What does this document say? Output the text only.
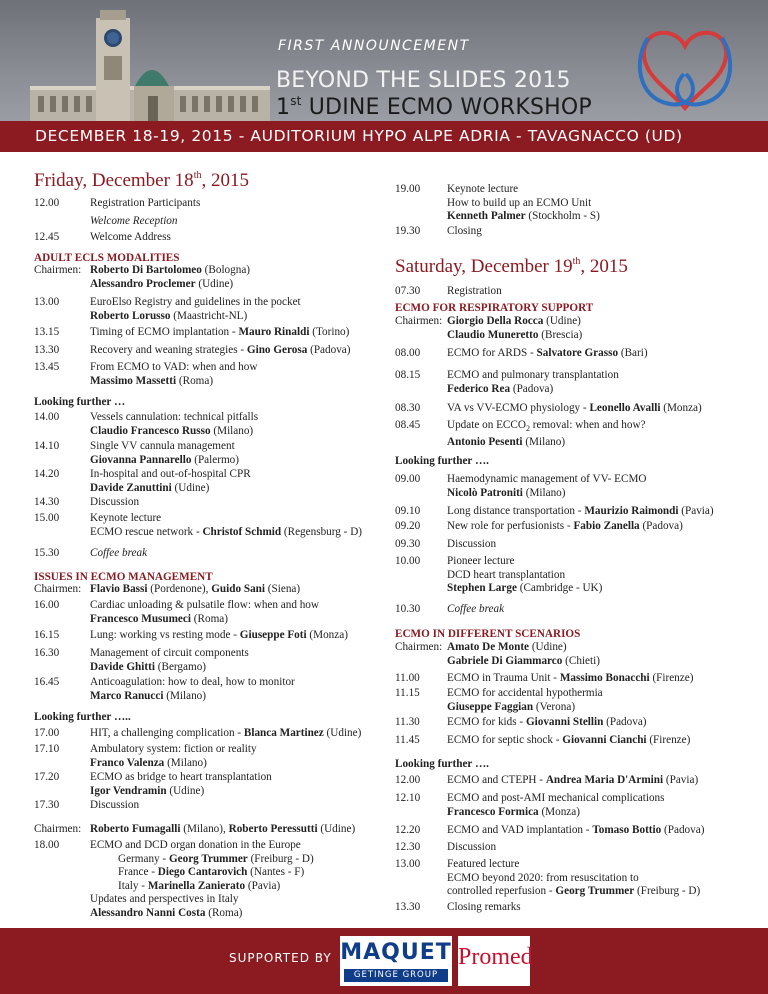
FIRST ANNOUNCEMENT
BEYOND THE SLIDES 2015
1st UDINE ECMO WORKSHOP
DECEMBER 18-19, 2015 - AUDITORIUM HYPO ALPE ADRIA - TAVAGNACCO (UD)
Friday, December 18th, 2015
12.00	Registration Participants
Welcome Reception
12.45	Welcome Address
ADULT ECLS MODALITIES
Chairmen: Roberto Di Bartolomeo (Bologna)
Alessandro Proclemer (Udine)
13.00	EuroElso Registry and guidelines in the pocket
Roberto Lorusso (Maastricht-NL)
13.15	Timing of ECMO implantation - Mauro Rinaldi (Torino)
13.30	Recovery and weaning strategies - Gino Gerosa (Padova)
13.45	From ECMO to VAD: when and how
Massimo Massetti (Roma)
Looking further …
14.00	Vessels cannulation: technical pitfalls
Claudio Francesco Russo (Milano)
14.10	Single VV cannula management
Giovanna Pannarello (Palermo)
14.20	In-hospital and out-of-hospital CPR
Davide Zanuttini (Udine)
14.30	Discussion
15.00	Keynote lecture
ECMO rescue network - Christof Schmid (Regensburg - D)
15.30	Coffee break
ISSUES IN ECMO MANAGEMENT
Chairmen: Flavio Bassi (Pordenone), Guido Sani (Siena)
16.00	Cardiac unloading & pulsatile flow: when and how
Francesco Musumeci (Roma)
16.15	Lung: working vs resting mode - Giuseppe Foti (Monza)
16.30	Management of circuit components
Davide Ghitti (Bergamo)
16.45	Anticoagulation: how to deal, how to monitor
Marco Ranucci (Milano)
Looking further …..
17.00	HIT, a challenging complication - Blanca Martinez (Udine)
17.10	Ambulatory system: fiction or reality
Franco Valenza (Milano)
17.20	ECMO as bridge to heart transplantation
Igor Vendramin (Udine)
17.30	Discussion
Chairmen: Roberto Fumagalli (Milano), Roberto Peressutti (Udine)
18.00	ECMO and DCD organ donation in the Europe
Germany - Georg Trummer (Freiburg - D)
France - Diego Cantarovich (Nantes - F)
Italy - Marinella Zanierato (Pavia)
Updates and perspectives in Italy
Alessandro Nanni Costa (Roma)
19.00 Keynote lecture
How to build up an ECMO Unit
Kenneth Palmer (Stockholm - S)
19.30 Closing
Saturday, December 19th, 2015
07.30 Registration
ECMO FOR RESPIRATORY SUPPORT
Chairmen: Giorgio Della Rocca (Udine)
Claudio Muneretto (Brescia)
08.00 ECMO for ARDS - Salvatore Grasso (Bari)
08.15 ECMO and pulmonary transplantation
Federico Rea (Padova)
08.30 VA vs VV-ECMO physiology - Leonello Avalli (Monza)
08.45 Update on $ECCO_2$ removal: when and how?
Antonio Pesenti (Milano)
Looking further ….
09.00 Haemodynamic management of VV- ECMO
Nicolò Patroniti (Milano)
09.10 Long distance transportation - Maurizio Raimondi (Pavia)
09.20 New role for perfusionists - Fabio Zanella (Padova)
09.30 Discussion
10.00 Pioneer lecture
DCD heart transplantation
Stephen Large (Cambridge - UK)
10.30 Coffee break
ECMO IN DIFFERENT SCENARIOS
Chairmen: Amato De Monte (Udine)
Gabriele Di Giammarco (Chieti)
11.00 ECMO in Trauma Unit - Massimo Bonacchi (Firenze)
11.15 ECMO for accidental hypothermia
Giuseppe Faggian (Verona)
11.30 ECMO for kids - Giovanni Stellin (Padova)
11.45 ECMO for septic shock - Giovanni Cianchi (Firenze)
Looking further ….
12.00 ECMO and CTEPH - Andrea Maria D'Armini (Pavia)
12.10 ECMO and post-AMI mechanical complications
Francesco Formica (Monza)
12.20 ECMO and VAD implantation - Tomaso Bottio (Padova)
12.30 Discussion
13.00 Featured lecture
ECMO beyond 2020: from resuscitation to
controlled reperfusion - Georg Trummer (Freiburg - D)
13.30 Closing remarks
SUPPORTED BY MAQUET
GETINGE GROUP
Promed
